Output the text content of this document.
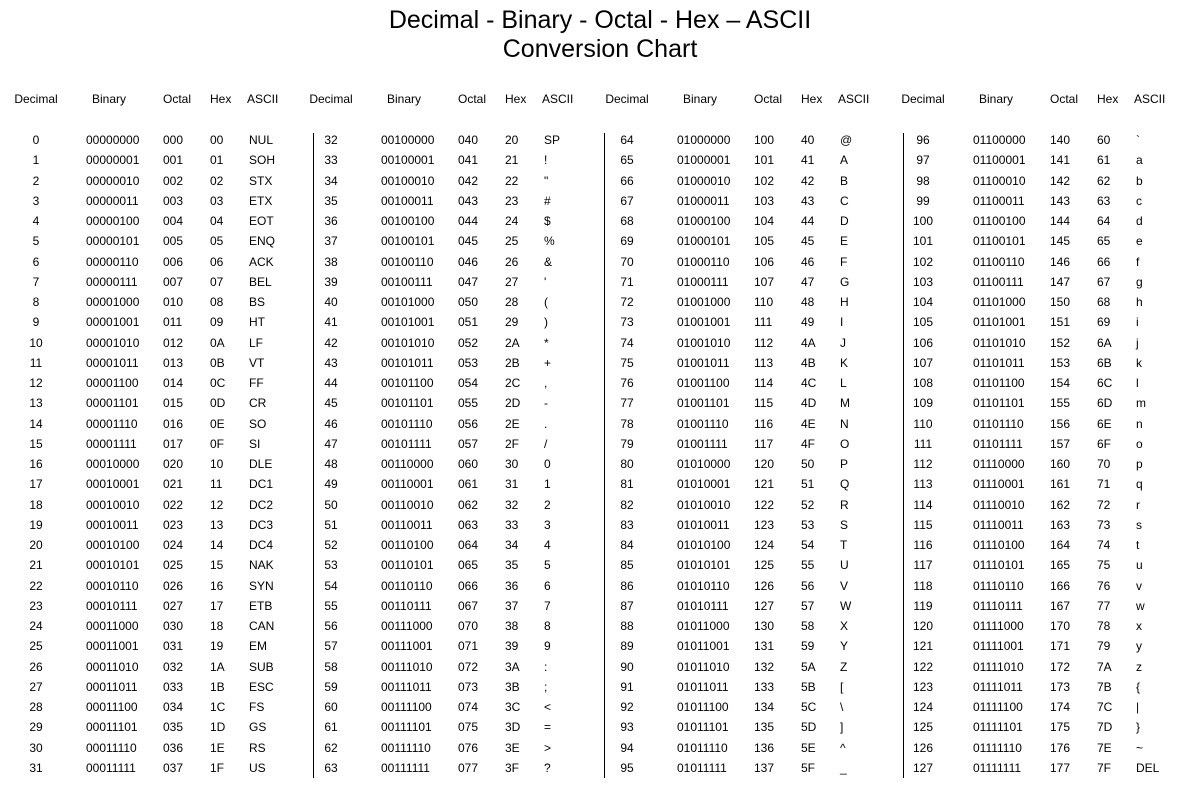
Decimal - Binary - Octal - Hex – ASCII
Conversion Chart
Decimal	Binary	Octal Hex ASCII
0	00000000 000 00 NUL
1	00000001 001 01 SOH
2	00000010 002 02 STX
3	00000011 003 03 ETX
4	00000100 004 04 EOT
5	00000101 005 05 ENQ
6	00000110 006 06 ACK
7	00000111 007 07 BEL
8	00001000 010 08 BS
9	00001001 011 09 HT
10	00001010 012 0A LF
11	00001011 013 0B VT
12	00001100 014 0C FF
13	00001101 015 0D CR
14	00001110 016 0E SO
15	00001111 017 0F SI
16	00010000 020 10 DLE
17	00010001 021 11 DC1
18	00010010 022 12 DC2
19	00010011 023 13 DC3
20	00010100 024 14 DC4
21	00010101 025 15 NAK
22	00010110 026 16 SYN
23	00010111 027 17 ETB
24	00011000 030 18 CAN
25	00011001 031 19 EM
26	00011010 032 1A SUB
27	00011011 033 1B ESC
28	00011100 034 1C FS
29	00011101 035 1D GS
30	00011110 036 1E RS
31	00011111 037 1F US
Decimal	Binary	Octal Hex ASCII
32	00100000 040 20 SP
33	00100001 041 21 !
34	00100010 042 22 "
35	00100011 043 23 #
36	00100100 044 24 $
37	00100101 045 25 %
38	00100110 046 26 &
39	00100111 047 27 '
40	00101000 050 28 (
41	00101001 051 29 )
42	00101010 052 2A *
43	00101011 053 2B +
44	00101100 054 2C ,
45	00101101 055 2D -
46	00101110 056 2E .
47	00101111 057 2F /
48	00110000 060 30 0
49	00110001 061 31 1
50	00110010 062 32 2
51	00110011 063 33 3
52	00110100 064 34 4
53	00110101 065 35 5
54	00110110 066 36 6
55	00110111 067 37 7
56	00111000 070 38 8
57	00111001 071 39 9
58	00111010 072 3A :
59	00111011 073 3B ;
60	00111100 074 3C <
61	00111101 075 3D =
62	00111110 076 3E >
63	00111111 077 3F ?
Decimal	Binary	Octal Hex ASCII
64	01000000 100 40 @
65	01000001 101 41 A
66	01000010 102 42 B
67	01000011 103 43 C
68	01000100 104 44 D
69	01000101 105 45 E
70	01000110 106 46 F
71	01000111 107 47 G
72	01001000 110 48 H
73	01001001 111 49 I
74	01001010 112 4A J
75	01001011 113 4B K
76	01001100 114 4C L
77	01001101 115 4D M
78	01001110 116 4E N
79	01001111 117 4F O
80	01010000 120 50 P
81	01010001 121 51 Q
82	01010010 122 52 R
83	01010011 123 53 S
84	01010100 124 54 T
85	01010101 125 55 U
86	01010110 126 56 V
87	01010111 127 57 W
88	01011000 130 58 X
89	01011001 131 59 Y
90	01011010 132 5A Z
91	01011011 133 5B [
92	01011100 134 5C \
93	01011101 135 5D ]
94	01011110 136 5E ^
95	01011111 137 5F _
Decimal	Binary	Octal Hex ASCII
96	01100000 140 60 `
97	01100001 141 61 a
98	01100010 142 62 b
99	01100011 143 63 c
100	01100100 144 64 d
101	01100101 145 65 e
102	01100110 146 66 f
103	01100111 147 67 g
104	01101000 150 68 h
105	01101001 151 69 i
106	01101010 152 6A j
107	01101011 153 6B k
108	01101100 154 6C l
109	01101101 155 6D m
110	01101110 156 6E n
111	01101111 157 6F o
112	01110000 160 70 p
113	01110001 161 71 q
114	01110010 162 72 r
115	01110011 163 73 s
116	01110100 164 74 t
117	01110101 165 75 u
118	01110110 166 76 v
119	01110111 167 77 w
120	01111000 170 78 x
121	01111001 171 79 y
122	01111010 172 7A z
123	01111011 173 7B {
124	01111100 174 7C |
125	01111101 175 7D }
126	01111110 176 7E ~
127	01111111 177 7F DEL
